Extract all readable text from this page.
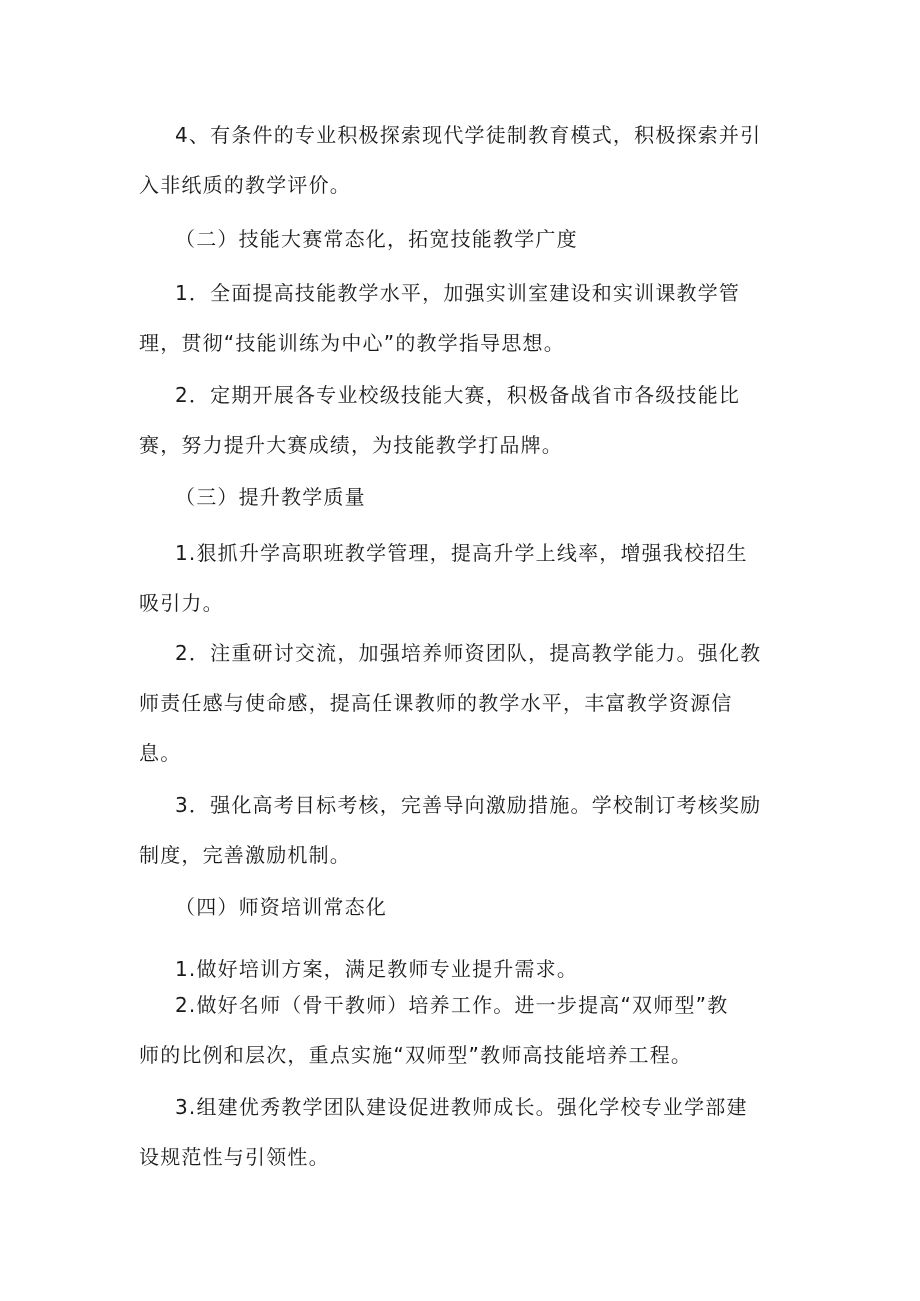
4、有条件的专业积极探索现代学徒制教育模式，积极探索并引
入非纸质的教学评价。
（二）技能大赛常态化，拓宽技能教学广度
1．全面提高技能教学水平，加强实训室建设和实训课教学管
理，贯彻“技能训练为中心”的教学指导思想。
2．定期开展各专业校级技能大赛，积极备战省市各级技能比
赛，努力提升大赛成绩，为技能教学打品牌。
（三）提升教学质量
1.狠抓升学高职班教学管理，提高升学上线率，增强我校招生
吸引力。
2．注重研讨交流，加强培养师资团队，提高教学能力。强化教
师责任感与使命感，提高任课教师的教学水平，丰富教学资源信
息。
3．强化高考目标考核，完善导向激励措施。学校制订考核奖励
制度，完善激励机制。
（四）师资培训常态化
1.做好培训方案，满足教师专业提升需求。
2.做好名师（骨干教师）培养工作。进一步提高“双师型”教
师的比例和层次，重点实施“双师型”教师高技能培养工程。
3.组建优秀教学团队建设促进教师成长。强化学校专业学部建
设规范性与引领性。
